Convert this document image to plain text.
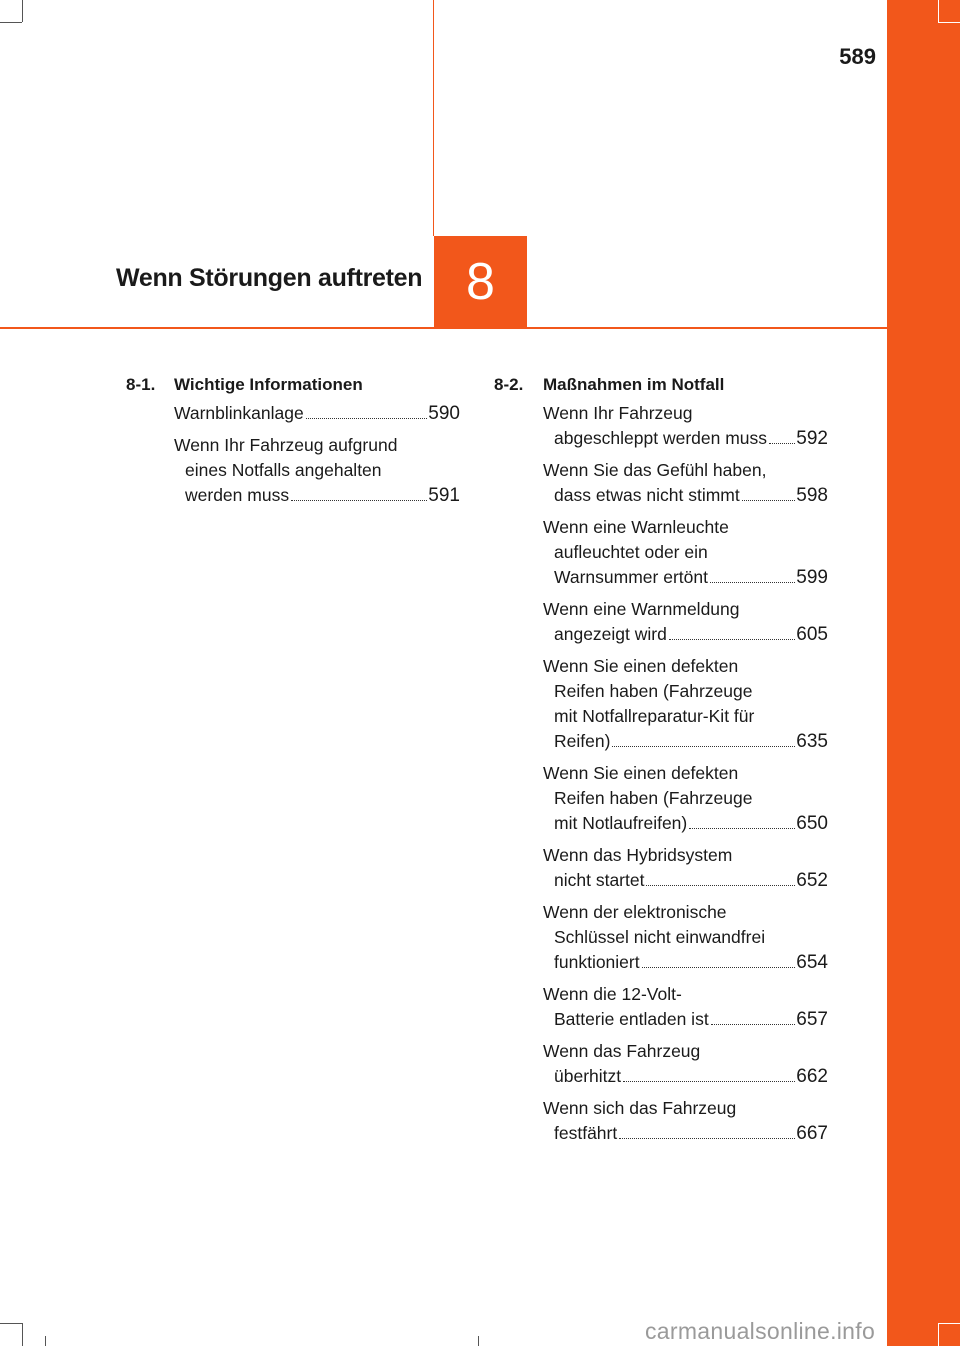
589
Wenn Störungen auftreten 8
8-1. Wichtige Informationen
Warnblinkanlage	590
Wenn Ihr Fahrzeug aufgrund
eines Notfalls angehalten
werden muss	591
8-2. Maßnahmen im Notfall
Wenn Ihr Fahrzeug
abgeschleppt werden muss 592
Wenn Sie das Gefühl haben,
dass etwas nicht stimmt	598
Wenn eine Warnleuchte
aufleuchtet oder ein
Warnsummer ertönt	599
Wenn eine Warnmeldung
angezeigt wird	605
Wenn Sie einen defekten
Reifen haben (Fahrzeuge
mit Notfallreparatur-Kit für
Reifen)	635
Wenn Sie einen defekten
Reifen haben (Fahrzeuge
mit Notlaufreifen)	650
Wenn das Hybridsystem
nicht startet	652
Wenn der elektronische
Schlüssel nicht einwandfrei
funktioniert	654
Wenn die 12-Volt-
Batterie entladen ist	657
Wenn das Fahrzeug
überhitzt	662
Wenn sich das Fahrzeug
festfährt	667
carmanualsonline.info
